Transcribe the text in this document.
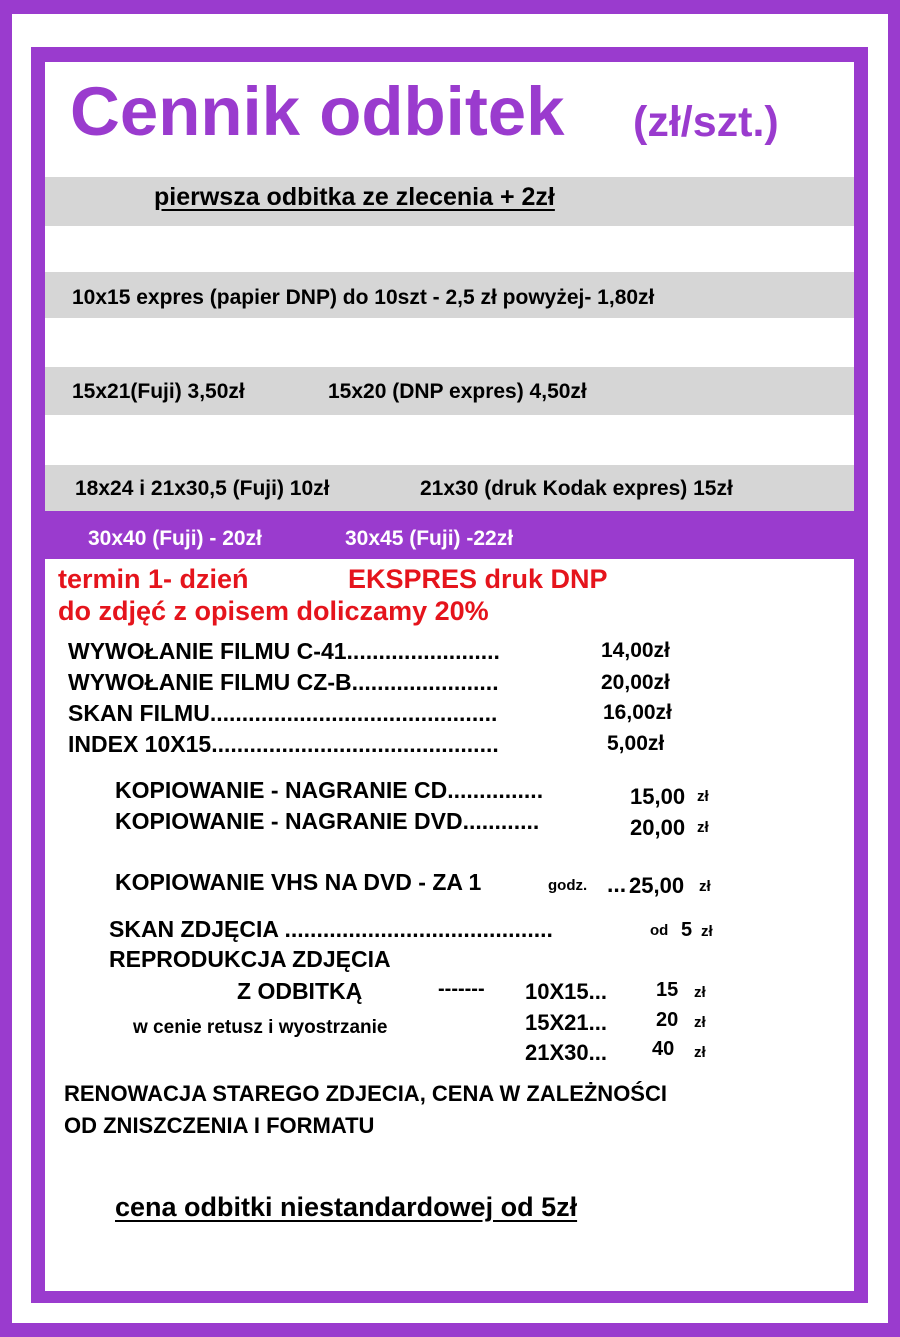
Cennik odbitek (zł/szt.)
pierwsza odbitka ze zlecenia + 2zł
10x15 - do 10szt - 1,50zł	powyżej 10szt - 1,20zł	- papier Fuji
10x15 expres (papier DNP) do 10szt - 2,5 zł powyżej- 1,80zł
13x18 (Fuji) 2,50zł	13x18 (DNP expres) 3,50zł
15x21(Fuji) 3,50zł	15x20 (DNP expres) 4,50zł
15x23 (Fuji) 4,00zł	15x23 (DNP expres) 5,50zł
18x24 i 21x30,5 (Fuji) 10zł	21x30 (druk Kodak expres) 15zł
30x40 (Fuji) - 20zł	30x45 (Fuji) -22zł
termin 1- dzień	EKSPRES druk DNP
do zdjęć z opisem doliczamy 20%
WYWOŁANIE FILMU C-41........................	14,00zł
WYWOŁANIE FILMU CZ-B.......................	20,00zł
SKAN FILMU.............................................	16,00zł
INDEX 10X15.............................................	5,00zł
KOPIOWANIE - NAGRANIE CD...............	15,00 zł
KOPIOWANIE - NAGRANIE DVD............	20,00 zł
KOPIOWANIE VHS NA DVD - ZA 1	godz. ... 25,00 zł
SKAN ZDJĘCIA ..........................................	od 5 zł
REPRODUKCJA ZDJĘCIA
Z ODBITKĄ	-------
w cenie retusz i wyostrzanie
10X15... 15 zł
15X21... 20 zł
21X30... 40 zł
RENOWACJA STAREGO ZDJECIA, CENA W ZALEŻNOŚCI
OD ZNISZCZENIA I FORMATU
cena odbitki niestandardowej od 5zł
